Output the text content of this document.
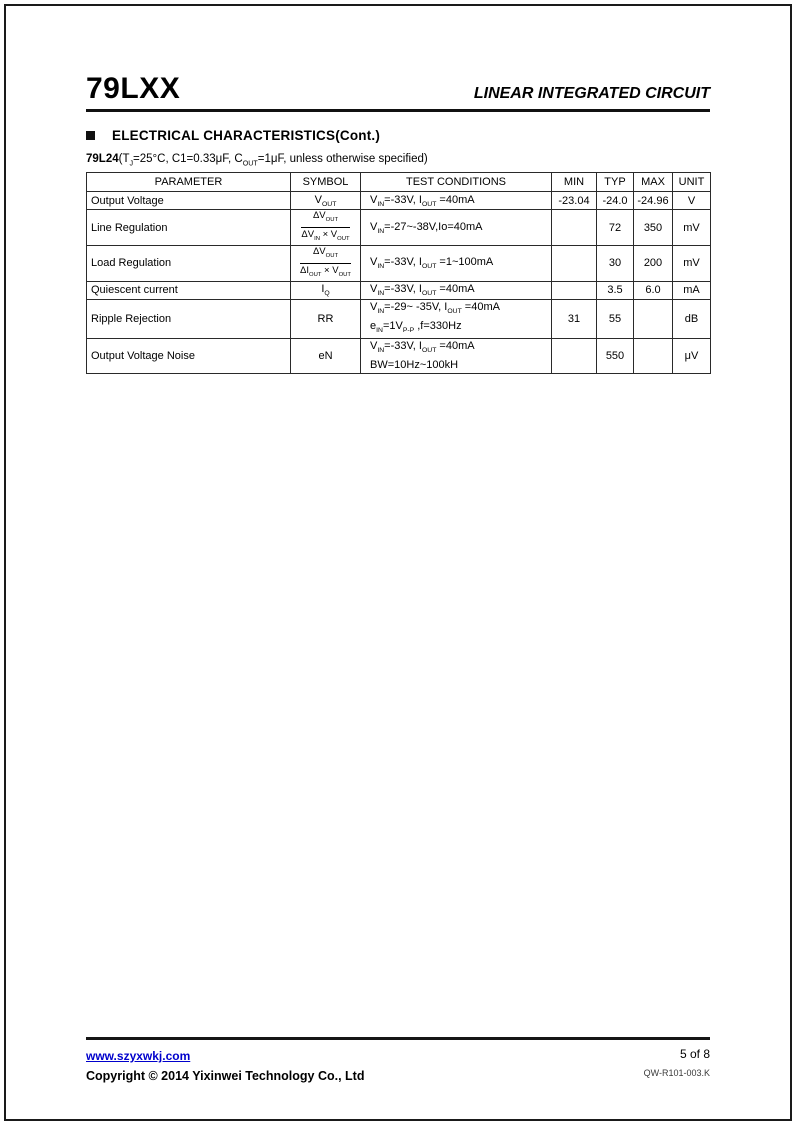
79LXX	LINEAR INTEGRATED CIRCUIT
ELECTRICAL CHARACTERISTICS(Cont.)
$79L24(T_J=25^\circ C$, C1=0.33μF, $C_{OUT}=1\mu F$, unless otherwise specified)
PARAMETER	SYMBOL	TEST CONDITIONS	MIN	TYP	MAX	UNIT
Output Voltage	$V_{OUT}$	$V_{IN}=-33V$, $I_{OUT} =40mA$	-23.04	-24.0	-24.96	V
Line Regulation	$\frac{\Delta V_{OUT}}{\Delta V_{IN} \times V_{OUT}}$	$V_{IN}=-27\sim-38V,Io=40mA$		72	350	mV
Load Regulation	$\frac{\Delta V_{OUT}}{\Delta I_{OUT} \times V_{OUT}}$	$V_{IN}=-33V$, $I_{OUT}$ =1~100mA		30	200	mV
Quiescent current	$I_Q$	$V_{IN}=-33V$, $I_{OUT} =40mA$		3.5	6.0	mA
Ripple Rejection	RR	$V_{IN}=-29\sim$ -35V, $I_{OUT} =40mA$
$e_{IN}=1V_{P-P}$ ,f=330Hz	31	55		dB
Output Voltage Noise	eN	$V_{IN}=-33V$, $I_{OUT} =40mA$
BW=10Hz~100kH		550		μV
www.szyxwkj.com
Copyright © 2014 Yixinwei Technology Co., Ltd
5 of 8
QW-R101-003.K
